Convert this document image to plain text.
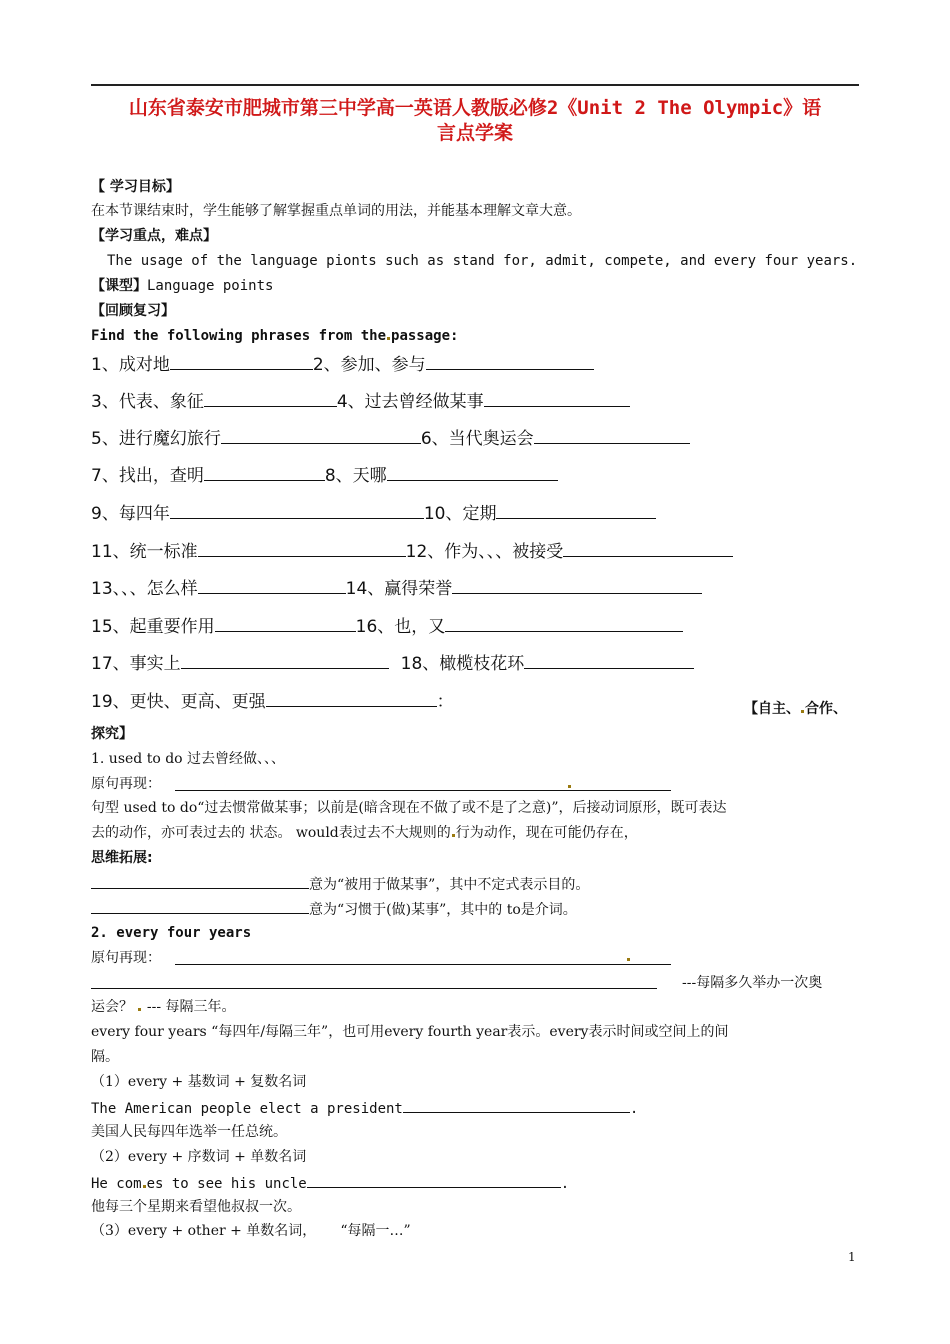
山东省泰安市肥城市第三中学高一英语人教版必修2《Unit 2 The Olympic》语
言点学案
【 学习目标】
在本节课结束时，学生能够了解掌握重点单词的用法，并能基本理解文章大意。
【学习重点，难点】
The usage of the language pionts such as stand for, admit, compete, and every four years.
【课型】Language points
【回顾复习】
Find the following phrases from the passage:
1、成对地	2、参加、参与
3、代表、象征	4、过去曾经做某事
5、进行魔幻旅行	6、当代奥运会
7、找出，查明	8、天哪
9、每四年	10、定期
11、统一标准	12、作为、、、被接受
13、、、怎么样	14、赢得荣誉
15、起重要作用	16、也，又
17、事实上	18、橄榄枝花环
19、更快、更高、更强	：	【自主、 合作、
探究】
1. used to do 过去曾经做、、、
原句再现：
句型 used to do“过去惯常做某事；以前是(暗含现在不做了或不是了之意)”，后接动词原形，既可表达
去的动作，亦可表过去的 状态。 would表过去不大规则的 行为动作，现在可能仍存在，
思维拓展:
意为“被用于做某事”，其中不定式表示目的。
意为“习惯于(做)某事”，其中的 to是介词。
2. every four years
原句再现：
---每隔多久举办一次奥
运会？ --- 每隔三年。
every four years “每四年/每隔三年”，也可用every fourth year表示。every表示时间或空间上的间
隔。
（1）every + 基数词 + 复数名词
The American people elect a president	.
美国人民每四年选举一任总统。
（2）every + 序数词 + 单数名词
He com es to see his uncle	.
他每三个星期来看望他叔叔一次。
（3）every + other + 单数名词， “每隔一…”
1
